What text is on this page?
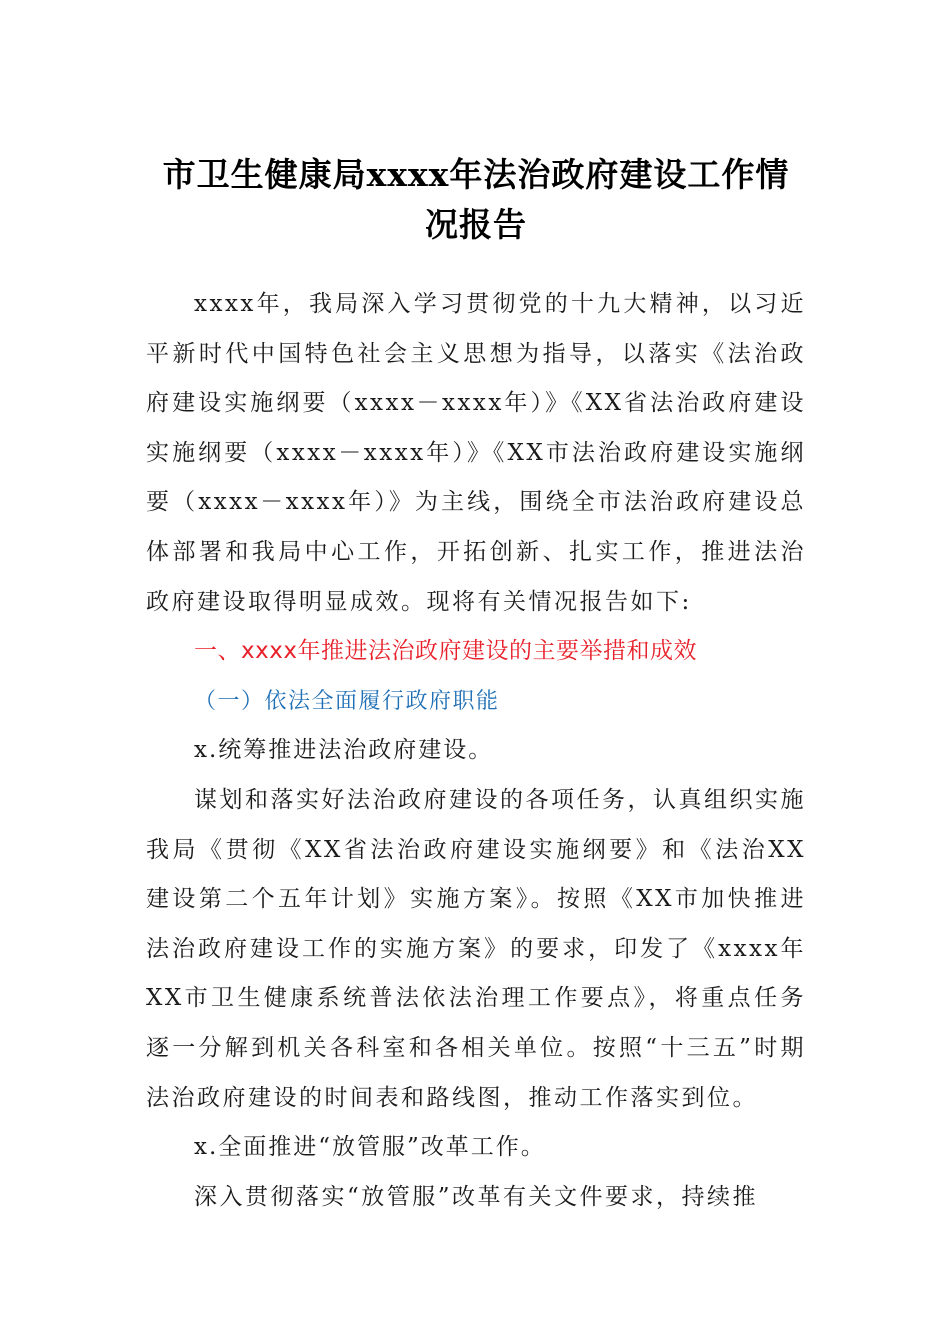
市卫生健康局xxxx年法治政府建设工作情况报告

xxxx年，我局深入学习贯彻党的十九大精神，以习近平新时代中国特色社会主义思想为指导，以落实《法治政府建设实施纲要（xxxx－xxxx年）》《XX省法治政府建设实施纲要（xxxx－xxxx年）》《XX市法治政府建设实施纲要（xxxx－xxxx年）》为主线，围绕全市法治政府建设总体部署和我局中心工作，开拓创新、扎实工作，推进法治政府建设取得明显成效。现将有关情况报告如下:

一、xxxx年推进法治政府建设的主要举措和成效

（一）依法全面履行政府职能

x.统筹推进法治政府建设。

谋划和落实好法治政府建设的各项任务，认真组织实施我局《贯彻《XX省法治政府建设实施纲要》和《法治XX建设第二个五年计划》实施方案》。按照《XX市加快推进法治政府建设工作的实施方案》的要求，印发了《xxxx年XX市卫生健康系统普法依法治理工作要点》，将重点任务逐一分解到机关各科室和各相关单位。按照“十三五”时期法治政府建设的时间表和路线图，推动工作落实到位。

x.全面推进“放管服”改革工作。

深入贯彻落实“放管服”改革有关文件要求，持续推
